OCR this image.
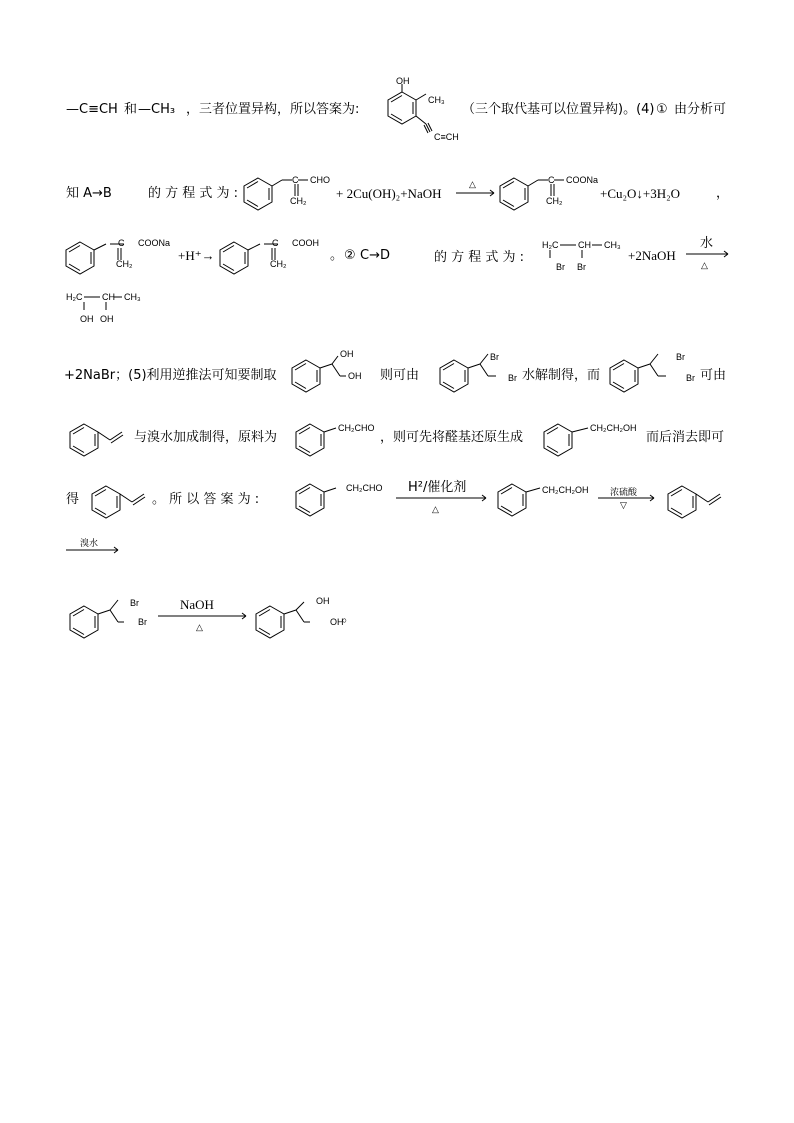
—C≡CH 和 —CH₃ ，三者位置异构，所以答案为:
OH
CH₃
C≡CH
（三个取代基可以位置异构)。(4) ① 由分析可
知 A→B	的 方 程 式 为 :
C CHO
CH₂ + 2Cu(OH)₂+NaOH →
△	C COONa
CH₂	+Cu₂O↓+3H₂O	，
C COONa
CH₂
+H⁺→
C COOH
CH₂
。 ② C→D	的 方 程 式 为 :
H₂C CH CH₃
Br Br
+2NaOH →
水
△
H₂C CH CH₃
OH OH
+2NaBr；(5)利用逆推法可知要制取
OH
OH 则可由
Br
Br 水解制得，而
Br
Br 可由
与溴水加成制得，原料为
CH₂CHO
，则可先将醛基还原生成
CH₂CH₂OH
而后消去即可
得	。 所 以 答 案 为 :
CH₂CHO H²/催化剂
△
CH₂CH₂OH →
浓硫酸
▽
溴水
Br
Br
NaOH
△
OH
OH
。
